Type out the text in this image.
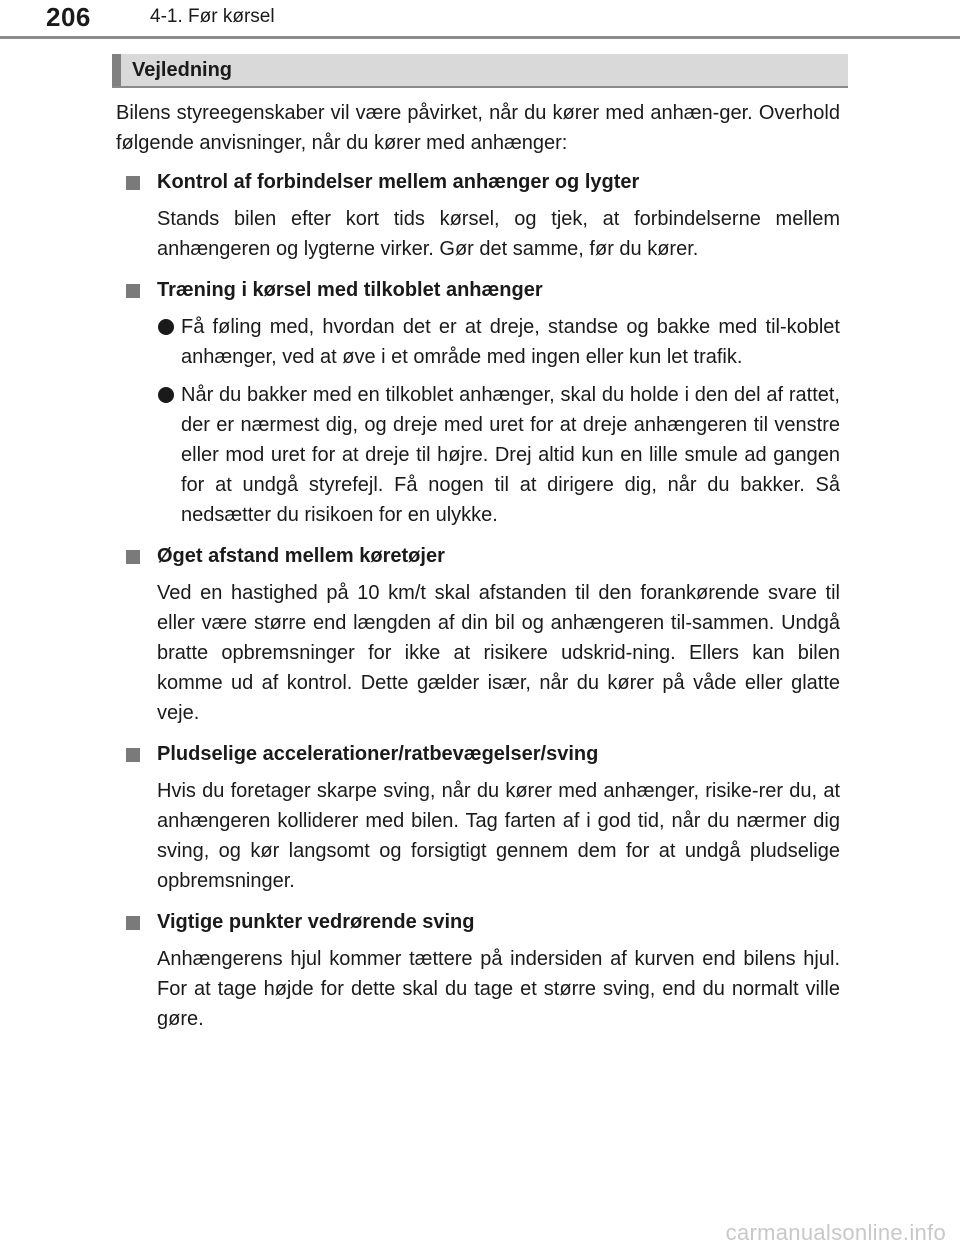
206	4-1. Før kørsel
Vejledning

Bilens styreegenskaber vil være påvirket, når du kører med anhæn-ger. Overhold følgende anvisninger, når du kører med anhænger:

Kontrol af forbindelser mellem anhænger og lygter

Stands bilen efter kort tids kørsel, og tjek, at forbindelserne mellem anhængeren og lygterne virker. Gør det samme, før du kører.

Træning i kørsel med tilkoblet anhænger

Få føling med, hvordan det er at dreje, standse og bakke med til-koblet anhænger, ved at øve i et område med ingen eller kun let trafik.

Når du bakker med en tilkoblet anhænger, skal du holde i den del af rattet, der er nærmest dig, og dreje med uret for at dreje anhængeren til venstre eller mod uret for at dreje til højre. Drej altid kun en lille smule ad gangen for at undgå styrefejl. Få nogen til at dirigere dig, når du bakker. Så nedsætter du risikoen for en ulykke.

Øget afstand mellem køretøjer

Ved en hastighed på 10 km/t skal afstanden til den forankørende svare til eller være større end længden af din bil og anhængeren til-sammen. Undgå bratte opbremsninger for ikke at risikere udskrid-ning. Ellers kan bilen komme ud af kontrol. Dette gælder især, når du kører på våde eller glatte veje.

Pludselige accelerationer/ratbevægelser/sving

Hvis du foretager skarpe sving, når du kører med anhænger, risike-rer du, at anhængeren kolliderer med bilen. Tag farten af i god tid, når du nærmer dig sving, og kør langsomt og forsigtigt gennem dem for at undgå pludselige opbremsninger.

Vigtige punkter vedrørende sving

Anhængerens hjul kommer tættere på indersiden af kurven end bilens hjul. For at tage højde for dette skal du tage et større sving, end du normalt ville gøre.

carmanualsonline.info
